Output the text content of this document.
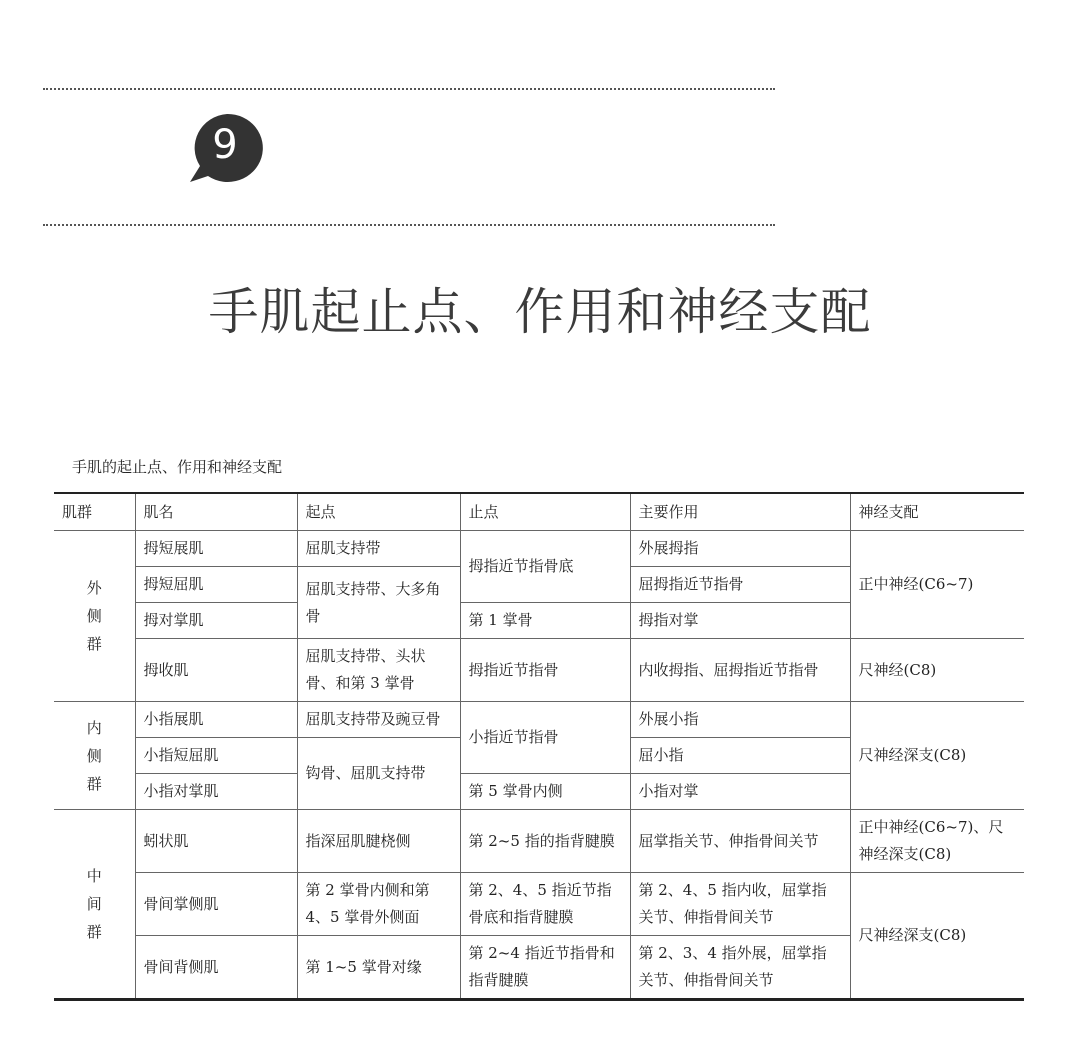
9
手肌起止点、作用和神经支配
手肌的起止点、作用和神经支配
肌群	肌名	起点	止点	主要作用	神经支配
外侧群	拇短展肌	屈肌支持带	拇指近节指骨底	外展拇指	正中神经(C6~7)
	拇短屈肌	屈肌支持带、大多角骨		屈拇指近节指骨	
	拇对掌肌		第 1 掌骨	拇指对掌	
	拇收肌	屈肌支持带、头状骨、和第 3 掌骨	拇指近节指骨	内收拇指、屈拇指近节指骨	尺神经(C8)
内侧群	小指展肌	屈肌支持带及豌豆骨	小指近节指骨	外展小指	尺神经深支(C8)
	小指短屈肌	钩骨、屈肌支持带		屈小指	
	小指对掌肌		第 5 掌骨内侧	小指对掌	
中间群	蚓状肌	指深屈肌腱桡侧	第 2~5 指的指背腱膜	屈掌指关节、伸指骨间关节	正中神经(C6~7)、尺神经深支(C8)
	骨间掌侧肌	第 2 掌骨内侧和第 4、5 掌骨外侧面	第 2、4、5 指近节指骨底和指背腱膜	第 2、4、5 指内收，屈掌指关节、伸指骨间关节	尺神经深支(C8)
	骨间背侧肌	第 1~5 掌骨对缘	第 2~4 指近节指骨和指背腱膜	第 2、3、4 指外展，屈掌指关节、伸指骨间关节	
